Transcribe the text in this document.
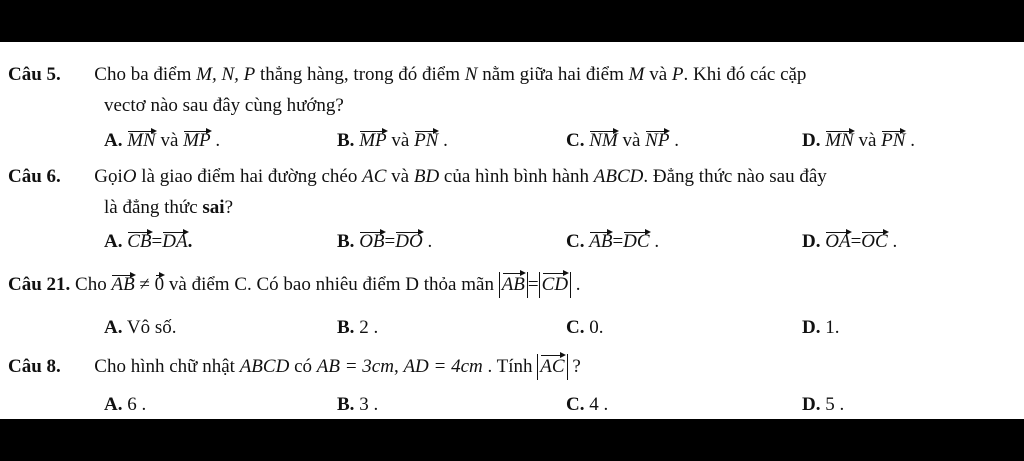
Câu 5. Cho ba điểm M, N, P thẳng hàng, trong đó điểm N nằm giữa hai điểm M và P. Khi đó các cặp
vectơ nào sau đây cùng hướng?
A. MN và MP .	B. MP và PN .	C. NM và NP .	D. MN và PN .
Câu 6. GọiO là giao điểm hai đường chéo AC và BD của hình bình hành ABCD. Đẳng thức nào sau đây
là đẳng thức sai?
A. CB=DA.	B. OB=DO .	C. AB=DC .	D. OA=OC .
Câu 21. Cho AB ≠ 0 và điểm C. Có bao nhiêu điểm D thỏa mãn AB = CD .
A. Vô số.	B. 2 .	C. 0.	D. 1.
Câu 8. Cho hình chữ nhật ABCD có AB = 3cm, AD = 4cm . Tính AC ?
A. 6 .	B. 3 .	C. 4 .	D. 5 .
